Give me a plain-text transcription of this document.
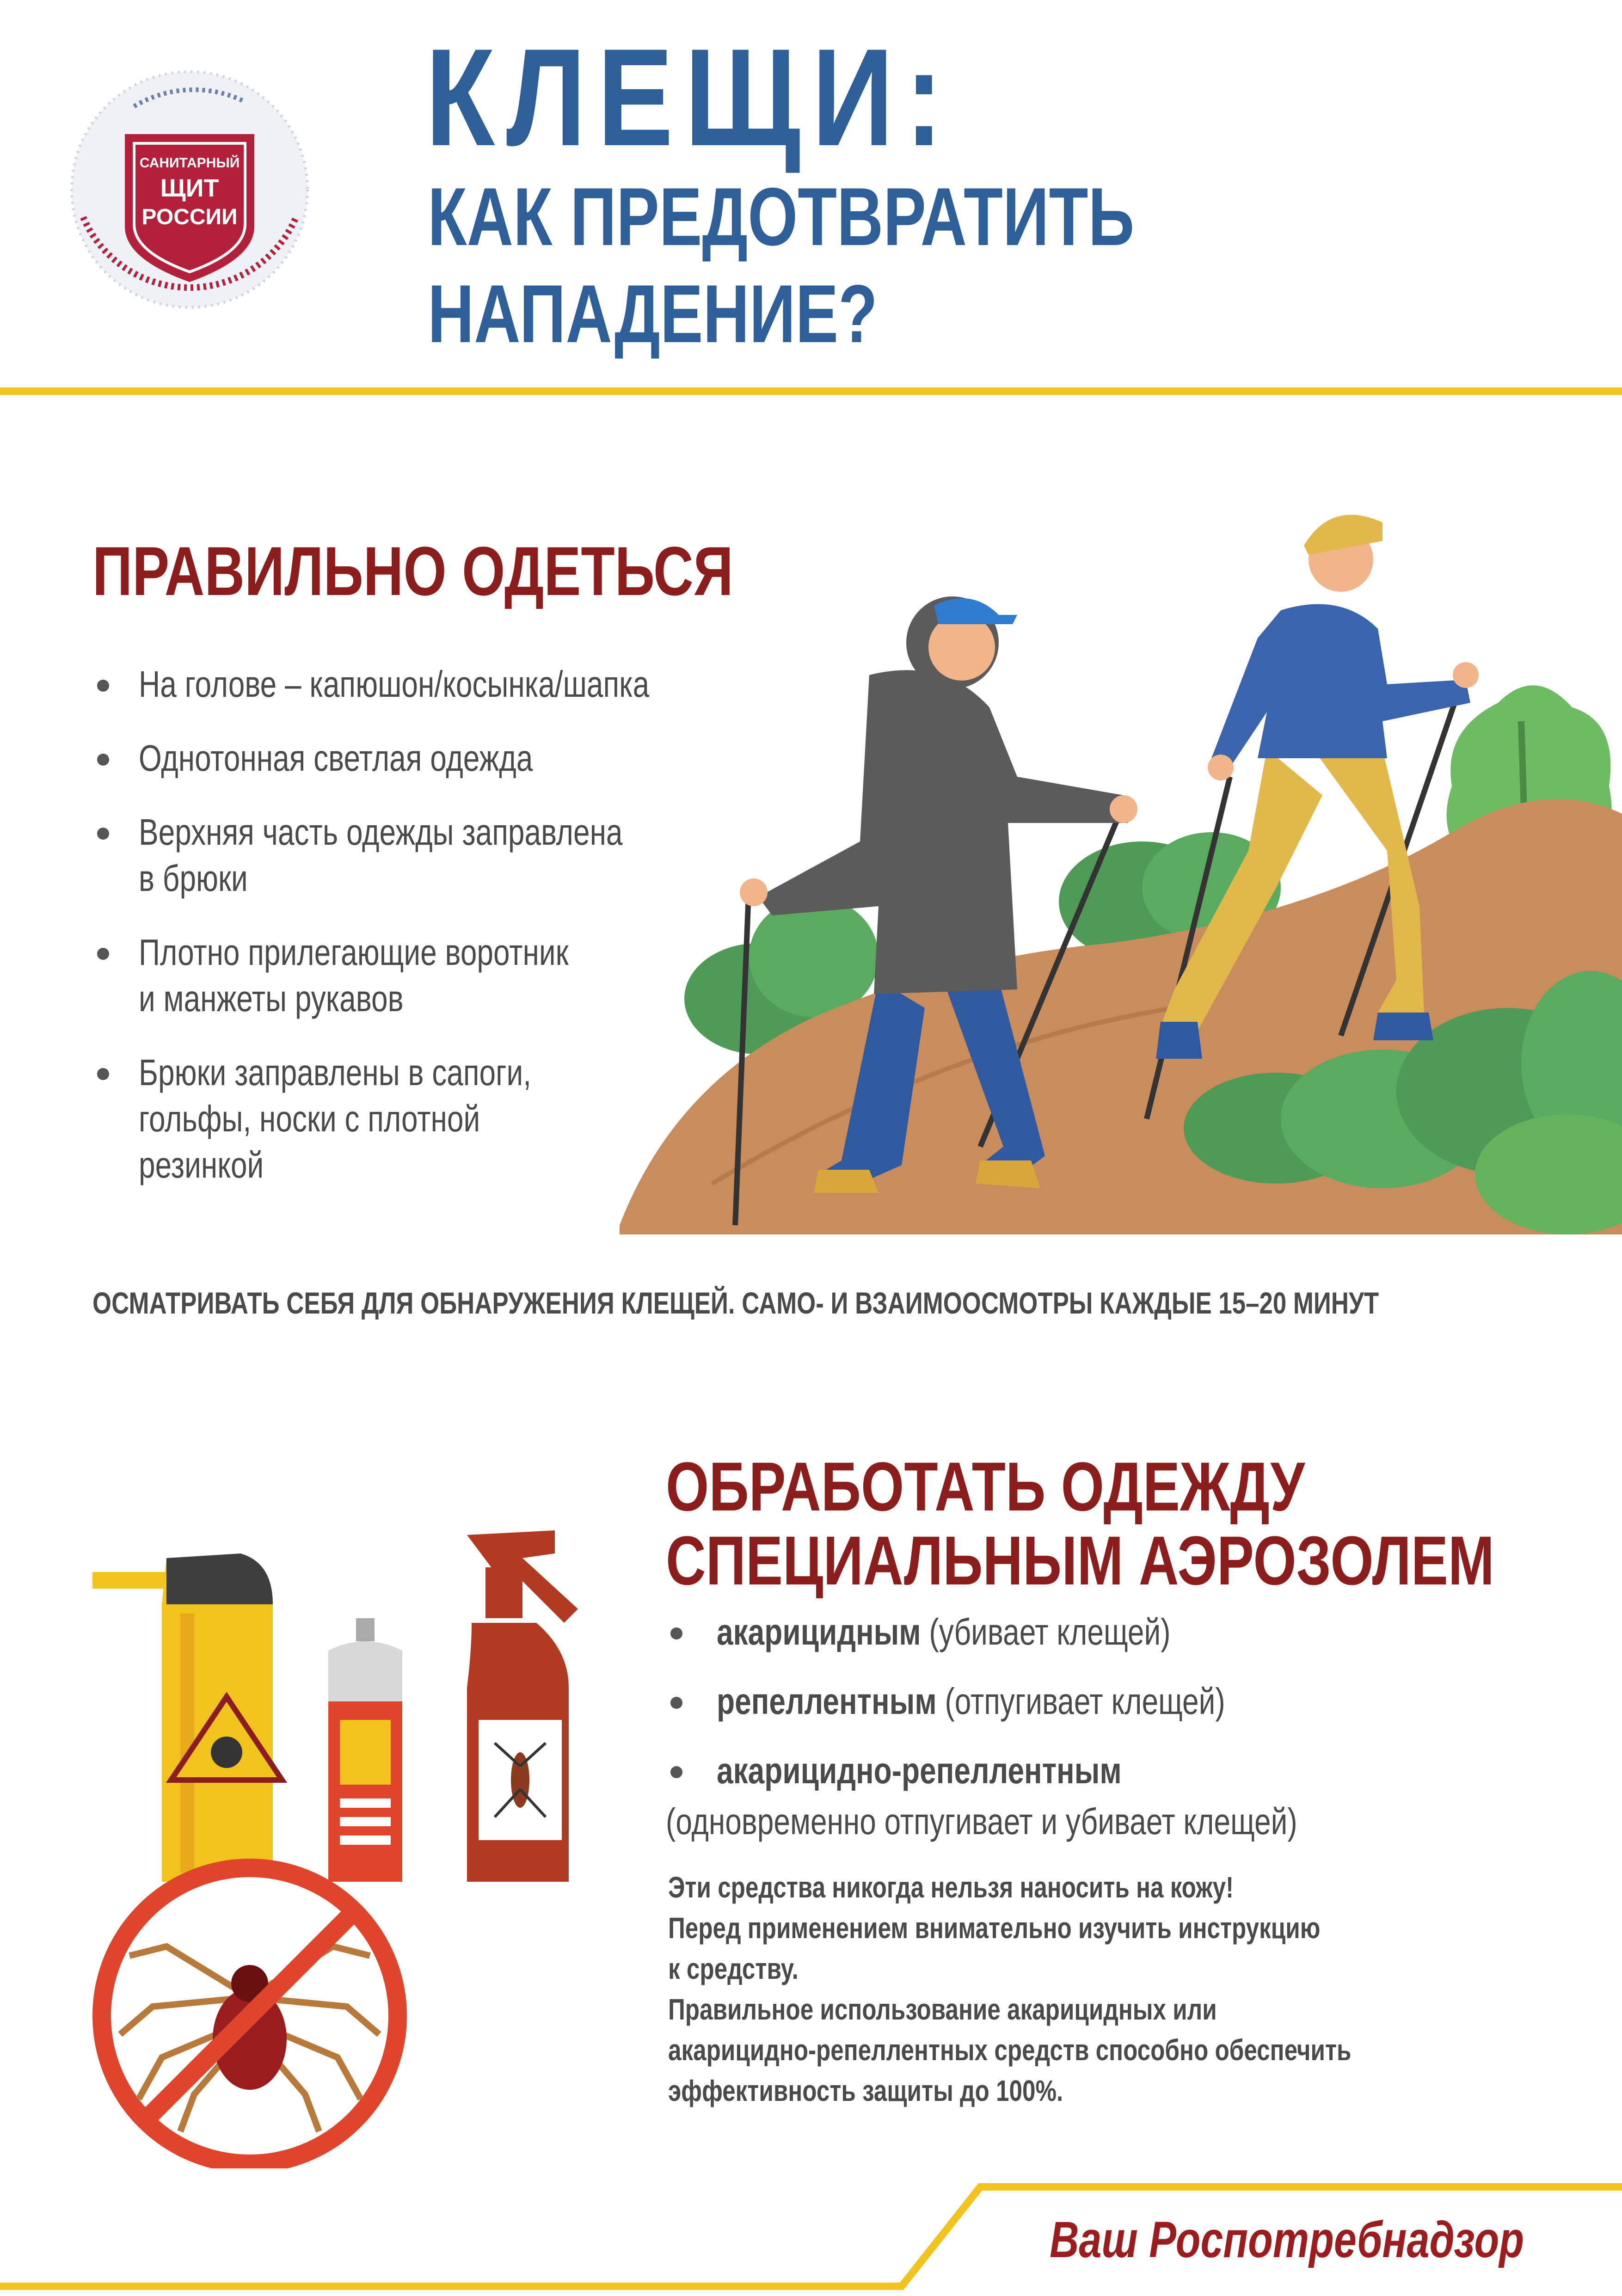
САНИТАРНЫЙ
ЩИТ
РОССИИ
КЛЕЩИ:
КАК ПРЕДОТВРАТИТЬ
НАПАДЕНИЕ?
ПРАВИЛЬНО ОДЕТЬСЯ
На голове – капюшон/косынка/шапка
Однотонная светлая одежда
Верхняя часть одежды заправлена
в брюки
Плотно прилегающие воротник
и манжеты рукавов
Брюки заправлены в сапоги,
гольфы, носки с плотной
резинкой
ОСМАТРИВАТЬ СЕБЯ ДЛЯ ОБНАРУЖЕНИЯ КЛЕЩЕЙ. САМО- И ВЗАИМООСМОТРЫ КАЖДЫЕ 15–20 МИНУТ
ОБРАБОТАТЬ ОДЕЖДУ
СПЕЦИАЛЬНЫМ АЭРОЗОЛЕМ
акарицидным (убивает клещей)
репеллентным (отпугивает клещей)
акарицидно-репеллентным
(одновременно отпугивает и убивает клещей)
Эти средства никогда нельзя наносить на кожу!
Перед применением внимательно изучить инструкцию
к средству.
Правильное использование акарицидных или
акарицидно-репеллентных средств способно обеспечить
эффективность защиты до 100%.
Ваш Роспотребнадзор
